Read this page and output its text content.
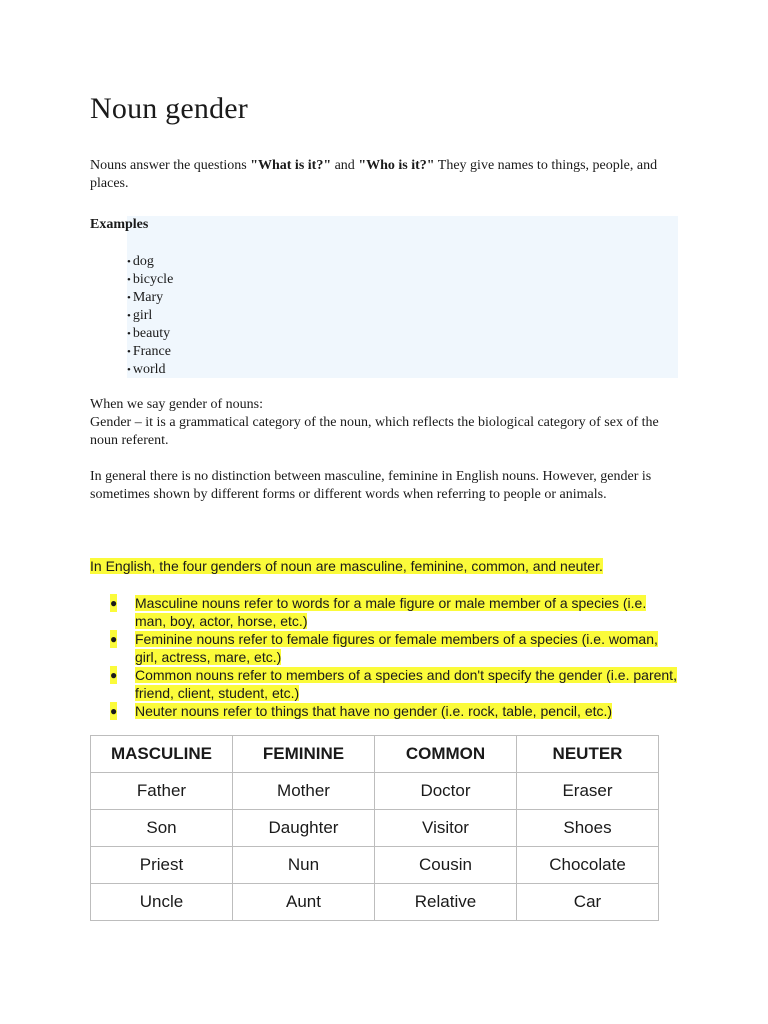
Noun gender

Nouns answer the questions "What is it?" and "Who is it?" They give names to things, people, and places.

Examples

• dog
• bicycle
• Mary
• girl
• beauty
• France
• world
When we say gender of nouns:
Gender – it is a grammatical category of the noun, which reflects the biological category of sex of the noun referent.

In general there is no distinction between masculine, feminine in English nouns. However, gender is sometimes shown by different forms or different words when referring to people or animals.

In English, the four genders of noun are masculine, feminine, common, and neuter.

● Masculine nouns refer to words for a male figure or male member of a species (i.e. man, boy, actor, horse, etc.)
● Feminine nouns refer to female figures or female members of a species (i.e. woman, girl, actress, mare, etc.)
● Common nouns refer to members of a species and don't specify the gender (i.e. parent, friend, client, student, etc.)
● Neuter nouns refer to things that have no gender (i.e. rock, table, pencil, etc.)
MASCULINE	FEMININE	COMMON	NEUTER
Father	Mother	Doctor	Eraser
Son	Daughter	Visitor	Shoes
Priest	Nun	Cousin	Chocolate
Uncle	Aunt	Relative	Car
